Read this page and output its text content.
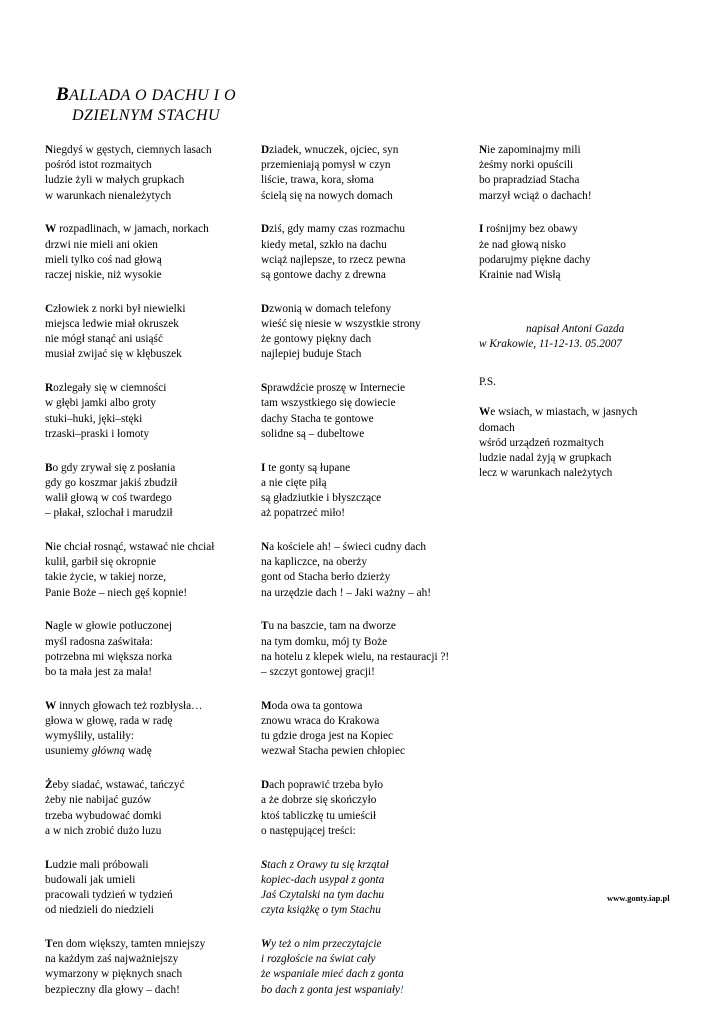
BALLADA O DACHU I O
DZIELNYM STACHU
Niegdyś w gęstych, ciemnych lasach
pośród istot rozmaitych
ludzie żyli w małych grupkach
w warunkach nienależytych
W rozpadlinach, w jamach, norkach
drzwi nie mieli ani okien
mieli tylko coś nad głową
raczej niskie, niż wysokie
Człowiek z norki był niewielki
miejsca ledwie miał okruszek
nie mógł stanąć ani usiąść
musiał zwijać się w kłębuszek
Rozlegały się w ciemności
w głębi jamki albo groty
stuki–huki, jęki–stęki
trzaski–praski i łomoty
Bo gdy zrywał się z posłania
gdy go koszmar jakiś zbudził
walił głową w coś twardego
– płakał, szlochał i marudził
Nie chciał rosnąć, wstawać nie chciał
kulił, garbił się okropnie
takie życie, w takiej norze,
Panie Boże – niech gęś kopnie!
Nagle w głowie potłuczonej
myśl radosna zaświtała:
potrzebna mi większa norka
bo ta mała jest za mała!
W innych głowach też rozbłysła…
głowa w głowę, rada w radę
wymyśliły, ustaliły:
usuniemy główną wadę
Żeby siadać, wstawać, tańczyć
żeby nie nabijać guzów
trzeba wybudować domki
a w nich zrobić dużo luzu
Ludzie mali próbowali
budowali jak umieli
pracowali tydzień w tydzień
od niedzieli do niedzieli
Ten dom większy, tamten mniejszy
na każdym zaś najważniejszy
wymarzony w pięknych snach
bezpieczny dla głowy – dach!
Dziadek, wnuczek, ojciec, syn
przemieniają pomysł w czyn
liście, trawa, kora, słoma
ścielą się na nowych domach
Dziś, gdy mamy czas rozmachu
kiedy metal, szkło na dachu
wciąż najlepsze, to rzecz pewna
są gontowe dachy z drewna
Dzwonią w domach telefony
wieść się niesie w wszystkie strony
że gontowy piękny dach
najlepiej buduje Stach
Sprawdźcie proszę w Internecie
tam wszystkiego się dowiecie
dachy Stacha te gontowe
solidne są – dubeltowe
I te gonty są łupane
a nie cięte piłą
są gładziutkie i błyszczące
aż popatrzeć miło!
Na kościele ah! – świeci cudny dach
na kapliczce, na oberży
gont od Stacha berło dzierży
na urzędzie dach ! – Jaki ważny – ah!
Tu na baszcie, tam na dworze
na tym domku, mój ty Boże
na hotelu z klepek wielu, na restauracji ?!
– szczyt gontowej gracji!
Moda owa ta gontowa
znowu wraca do Krakowa
tu gdzie droga jest na Kopiec
wezwał Stacha pewien chłopiec
Dach poprawić trzeba było
a że dobrze się skończyło
ktoś tabliczkę tu umieścił
o następującej treści:
Stach z Orawy tu się krzątał
kopiec-dach usypał z gonta
Jaś Czytalski na tym dachu
czyta książkę o tym Stachu
Wy też o nim przeczytajcie
i rozgłoście na świat cały
że wspaniale mieć dach z gonta
bo dach z gonta jest wspaniały!
Nie zapominajmy mili
żeśmy norki opuścili
bo prapradziad Stacha
marzył wciąż o dachach!
I rośnijmy bez obawy
że nad głową nisko
podarujmy piękne dachy
Krainie nad Wisłą
napisał Antoni Gazda
w Krakowie, 11-12-13. 05.2007
P.S.
We wsiach, w miastach, w jasnych
domach
wśród urządzeń rozmaitych
ludzie nadal żyją w grupkach
lecz w warunkach należytych
www.gonty.iap.pl
